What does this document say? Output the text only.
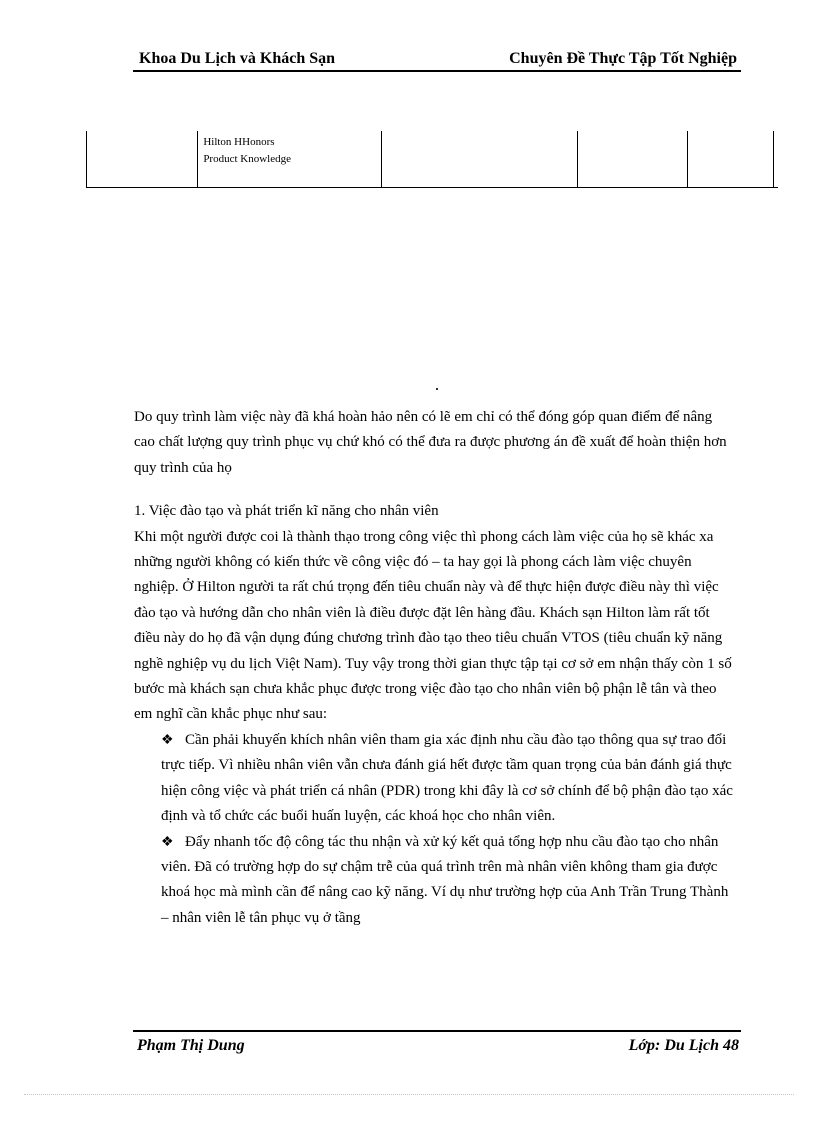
Khoa Du Lịch và Khách Sạn	Chuyên Đề Thực Tập Tốt Nghiệp

Hilton HHonors
Product Knowledge

Do quy trình làm việc này đã khá hoàn hảo nên có lẽ em chỉ có thể đóng góp quan điểm để nâng cao chất lượng quy trình phục vụ chứ khó có thể đưa ra được phương án đề xuất để hoàn thiện hơn quy trình của họ

1. Việc đào tạo và phát triển kĩ năng cho nhân viên

Khi một người được coi là thành thạo trong công việc thì phong cách làm việc của họ sẽ khác xa những người không có kiến thức về công việc đó – ta hay gọi là phong cách làm việc chuyên nghiệp. Ở Hilton người ta rất chú trọng đến tiêu chuẩn này và để thực hiện được điều này thì việc đào tạo và hướng dẫn cho nhân viên là điều được đặt lên hàng đầu. Khách sạn Hilton làm rất tốt điều này do họ đã vận dụng đúng chương trình đào tạo theo tiêu chuẩn VTOS (tiêu chuẩn kỹ năng nghề nghiệp vụ du lịch Việt Nam). Tuy vậy trong thời gian thực tập tại cơ sở em nhận thấy còn 1 số bước mà khách sạn chưa khắc phục được trong việc đào tạo cho nhân viên bộ phận lễ tân và theo em nghĩ cần khắc phục như sau:

❖ Cần phải khuyến khích nhân viên tham gia xác định nhu cầu đào tạo thông qua sự trao đổi trực tiếp. Vì nhiều nhân viên vẫn chưa đánh giá hết được tầm quan trọng của bản đánh giá thực hiện công việc và phát triển cá nhân (PDR) trong khi đây là cơ sở chính để bộ phận đào tạo xác định và tổ chức các buổi huấn luyện, các khoá học cho nhân viên.

❖ Đẩy nhanh tốc độ công tác thu nhận và xử ký kết quả tổng hợp nhu cầu đào tạo cho nhân viên. Đã có trường hợp do sự chậm trễ của quá trình trên mà nhân viên không tham gia được khoá học mà mình cần để nâng cao kỹ năng. Ví dụ như trường hợp của Anh Trần Trung Thành – nhân viên lễ tân phục vụ ở tầng

Phạm Thị Dung	Lớp: Du Lịch 48
